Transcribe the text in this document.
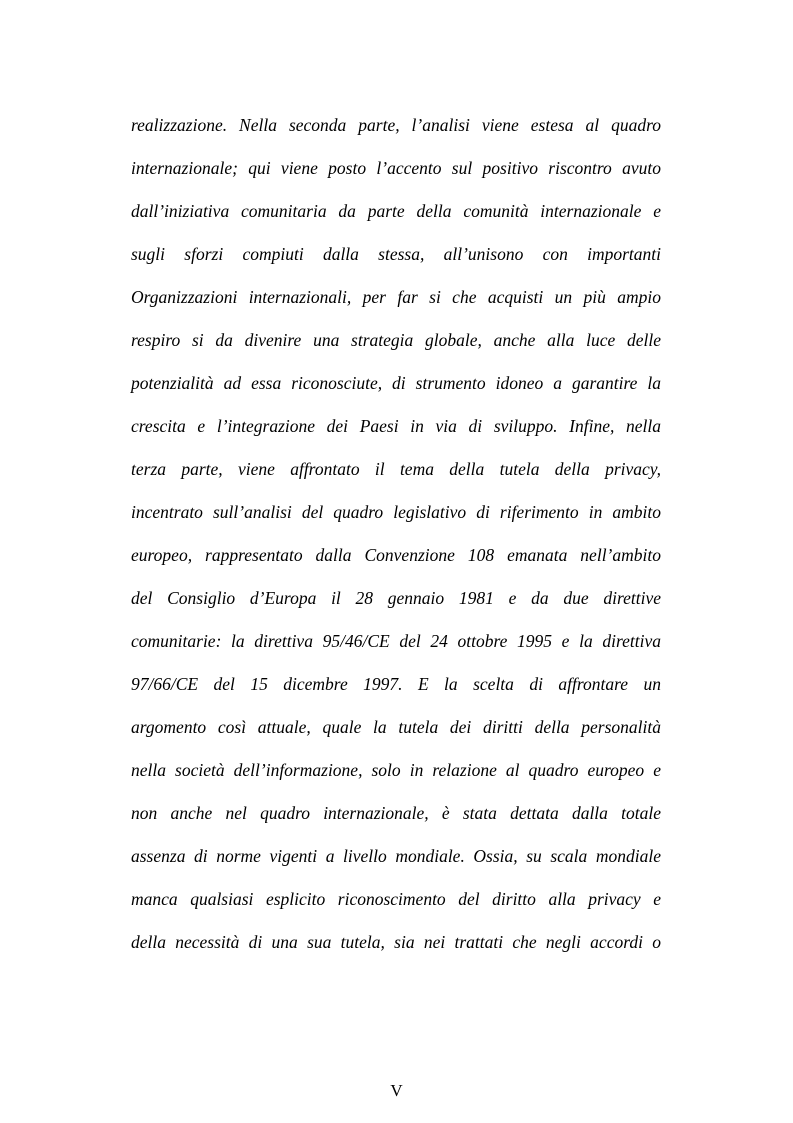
realizzazione. Nella seconda parte, l’analisi viene estesa al quadro
internazionale; qui viene posto l’accento sul positivo riscontro avuto
dall’iniziativa comunitaria da parte della comunità internazionale e
sugli sforzi compiuti dalla stessa, all’unisono con importanti
Organizzazioni internazionali, per far si che acquisti un più ampio
respiro si da divenire una strategia globale, anche alla luce delle
potenzialità ad essa riconosciute, di strumento idoneo a garantire la
crescita e l’integrazione dei Paesi in via di sviluppo. Infine, nella
terza parte, viene affrontato il tema della tutela della privacy,
incentrato sull’analisi del quadro legislativo di riferimento in ambito
europeo, rappresentato dalla Convenzione 108 emanata nell’ambito
del Consiglio d’Europa il 28 gennaio 1981 e da due direttive
comunitarie: la direttiva 95/46/CE del 24 ottobre 1995 e la direttiva
97/66/CE del 15 dicembre 1997. E la scelta di affrontare un
argomento così attuale, quale la tutela dei diritti della personalità
nella società dell’informazione, solo in relazione al quadro europeo e
non anche nel quadro internazionale, è stata dettata dalla totale
assenza di norme vigenti a livello mondiale. Ossia, su scala mondiale
manca qualsiasi esplicito riconoscimento del diritto alla privacy e
della necessità di una sua tutela, sia nei trattati che negli accordi o
V
